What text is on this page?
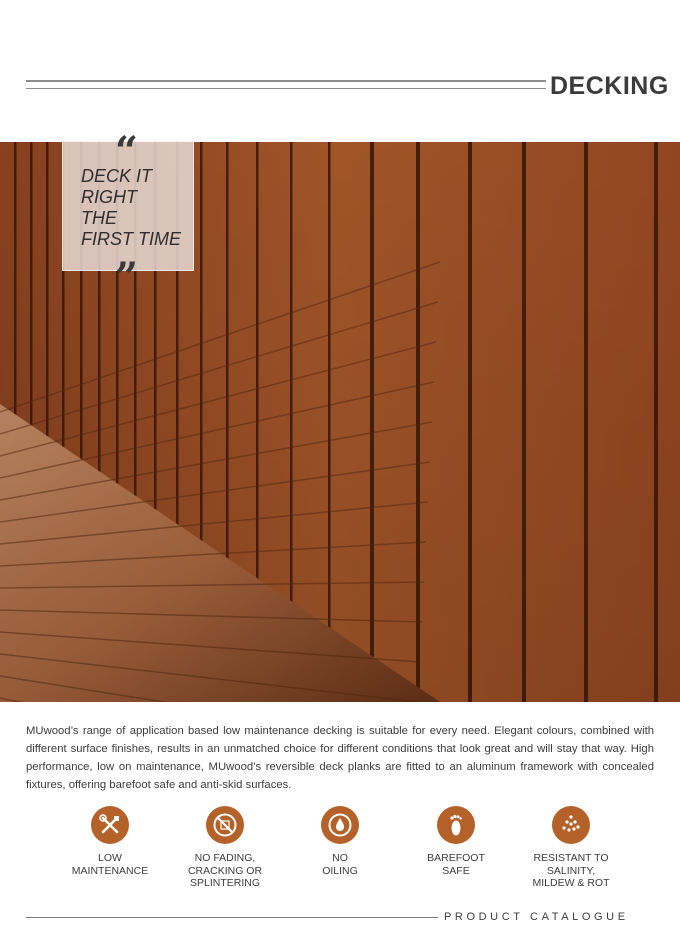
DECKING
“
DECK IT
RIGHT
THE
FIRST TIME
”

MUwood’s range of application based low maintenance decking is suitable for every need. Elegant colours, combined with different surface finishes, results in an unmatched choice for different conditions that look great and will stay that way. High performance, low on maintenance, MUwood’s reversible deck planks are fitted to an aluminum framework with concealed fixtures, offering barefoot safe and anti-skid surfaces.

LOW
MAINTENANCE
NO FADING,
CRACKING OR
SPLINTERING
NO
OILING
BAREFOOT
SAFE
RESISTANT TO
SALINITY,
MILDEW & ROT
PRODUCT CATALOGUE
